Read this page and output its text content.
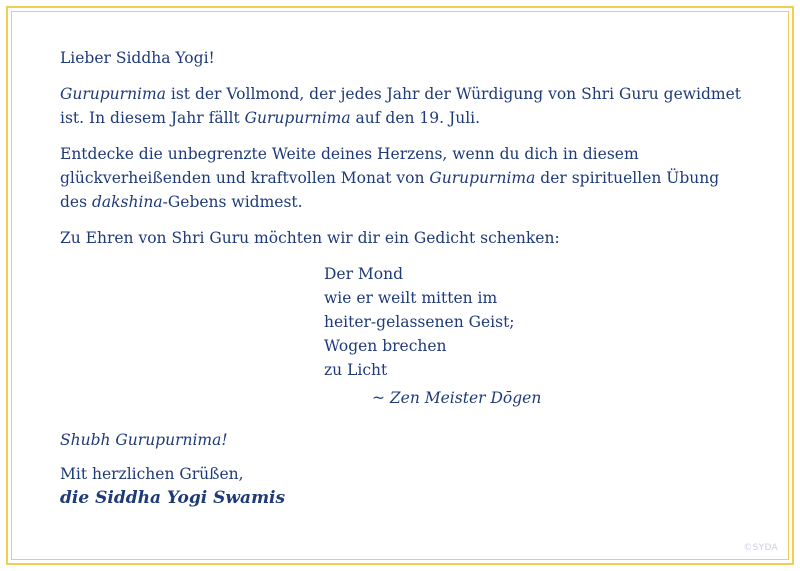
Lieber Siddha Yogi!

Gurupurnima ist der Vollmond, der jedes Jahr der Würdigung von Shri Guru gewidmet ist. In diesem Jahr fällt Gurupurnima auf den 19. Juli.

Entdecke die unbegrenzte Weite deines Herzens, wenn du dich in diesem glückverheißenden und kraftvollen Monat von Gurupurnima der spirituellen Übung des dakshina-Gebens widmest.

Zu Ehren von Shri Guru möchten wir dir ein Gedicht schenken:

Der Mond
wie er weilt mitten im
heiter-gelassenen Geist;
Wogen brechen
zu Licht
~ Zen Meister Dōgen

Shubh Gurupurnima!

Mit herzlichen Grüßen,

die Siddha Yogi Swamis
©SYDA
